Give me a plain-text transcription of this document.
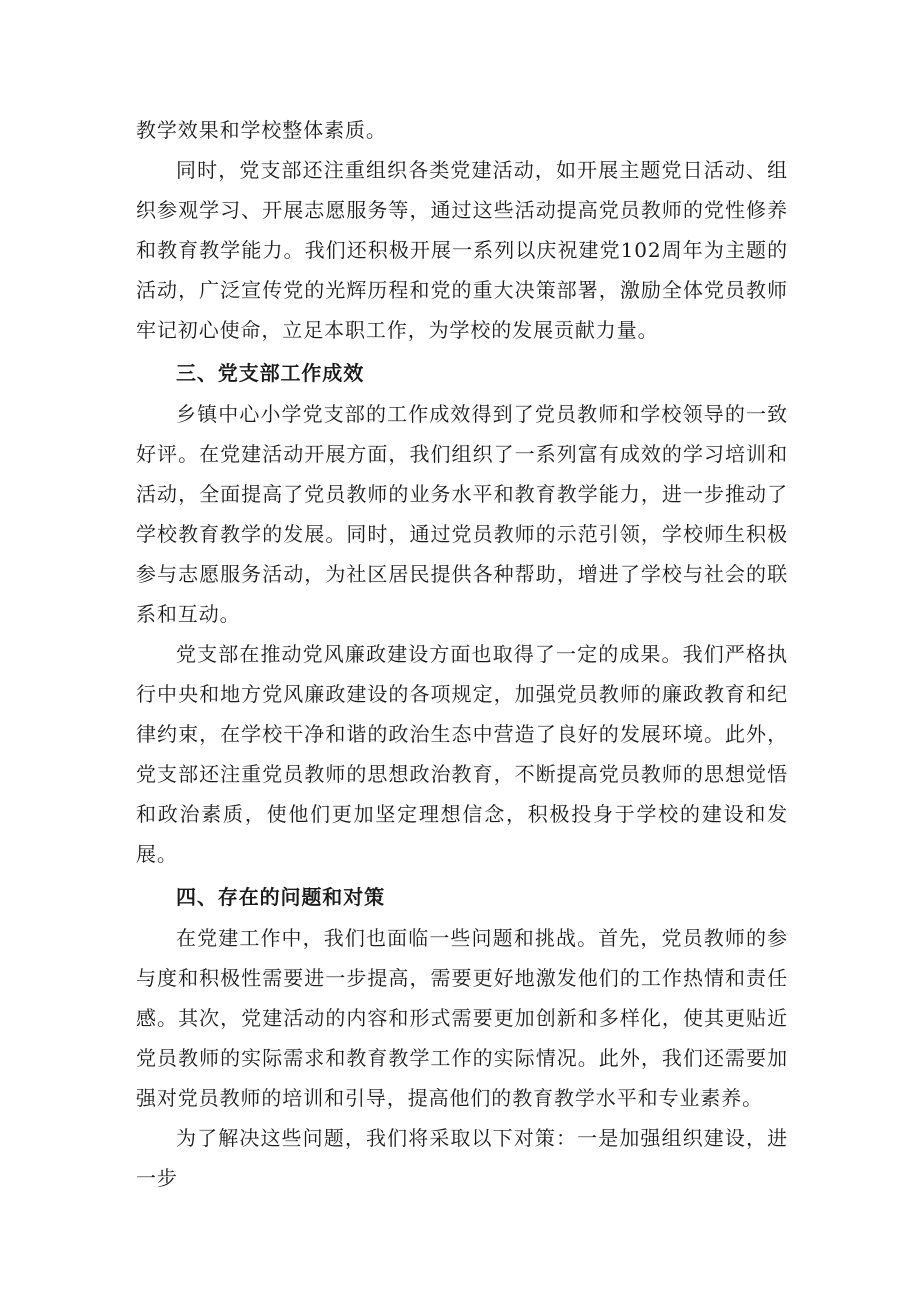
教学效果和学校整体素质。

同时，党支部还注重组织各类党建活动，如开展主题党日活动、组织参观学习、开展志愿服务等，通过这些活动提高党员教师的党性修养和教育教学能力。我们还积极开展一系列以庆祝建党102周年为主题的活动，广泛宣传党的光辉历程和党的重大决策部署，激励全体党员教师牢记初心使命，立足本职工作，为学校的发展贡献力量。

三、党支部工作成效

乡镇中心小学党支部的工作成效得到了党员教师和学校领导的一致好评。在党建活动开展方面，我们组织了一系列富有成效的学习培训和活动，全面提高了党员教师的业务水平和教育教学能力，进一步推动了学校教育教学的发展。同时，通过党员教师的示范引领，学校师生积极参与志愿服务活动，为社区居民提供各种帮助，增进了学校与社会的联系和互动。

党支部在推动党风廉政建设方面也取得了一定的成果。我们严格执行中央和地方党风廉政建设的各项规定，加强党员教师的廉政教育和纪律约束，在学校干净和谐的政治生态中营造了良好的发展环境。此外，党支部还注重党员教师的思想政治教育，不断提高党员教师的思想觉悟和政治素质，使他们更加坚定理想信念，积极投身于学校的建设和发展。

四、存在的问题和对策

在党建工作中，我们也面临一些问题和挑战。首先，党员教师的参与度和积极性需要进一步提高，需要更好地激发他们的工作热情和责任感。其次，党建活动的内容和形式需要更加创新和多样化，使其更贴近党员教师的实际需求和教育教学工作的实际情况。此外，我们还需要加强对党员教师的培训和引导，提高他们的教育教学水平和专业素养。

为了解决这些问题，我们将采取以下对策：一是加强组织建设，进一步
